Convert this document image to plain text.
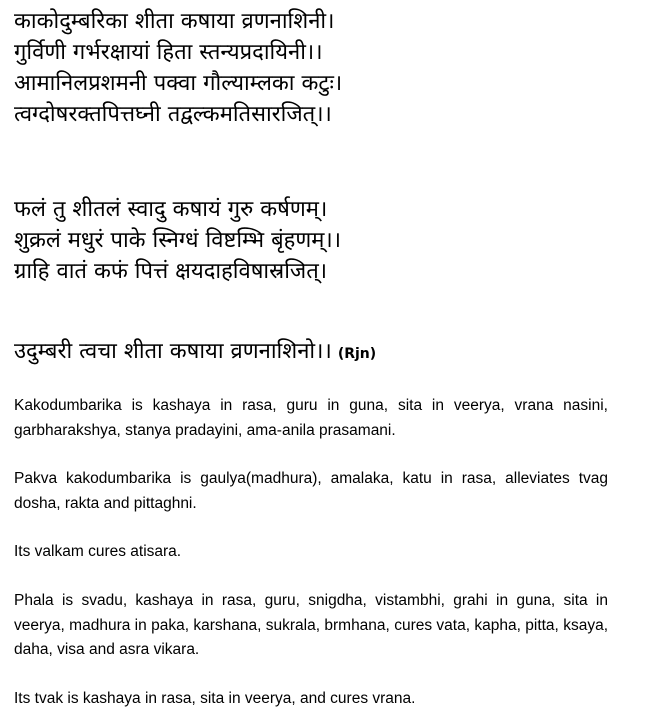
काकोदुम्बरिका शीता कषाया व्रणनाशिनी।
गुर्विणी गर्भरक्षायां हिता स्तन्यप्रदायिनी।।
आमानिलप्रशमनी पक्वा गौल्याम्लका कटुः।
त्वग्दोषरक्तपित्तघ्नी तद्वल्कमतिसारजित्।।
फलं तु शीतलं स्वादु कषायं गुरु कर्षणम्।
शुक्रलं मधुरं पाके स्निग्धं विष्टम्भि बृंहणम्।।
ग्राहि वातं कफं पित्तं क्षयदाहविषास्रजित्।
उदुम्बरी त्वचा शीता कषाया व्रणनाशिनो।। (Rjn)

Kakodumbarika is kashaya in rasa, guru in guna, sita in veerya, vrana nasini, garbharakshya, stanya pradayini, ama-anila prasamani.

Pakva kakodumbarika is gaulya(madhura), amalaka, katu in rasa, alleviates tvag dosha, rakta and pittaghni.

Its valkam cures atisara.

Phala is svadu, kashaya in rasa, guru, snigdha, vistambhi, grahi in guna, sita in veerya, madhura in paka, karshana, sukrala, brmhana, cures vata, kapha, pitta, ksaya, daha, visa and asra vikara.

Its tvak is kashaya in rasa, sita in veerya, and cures vrana.
